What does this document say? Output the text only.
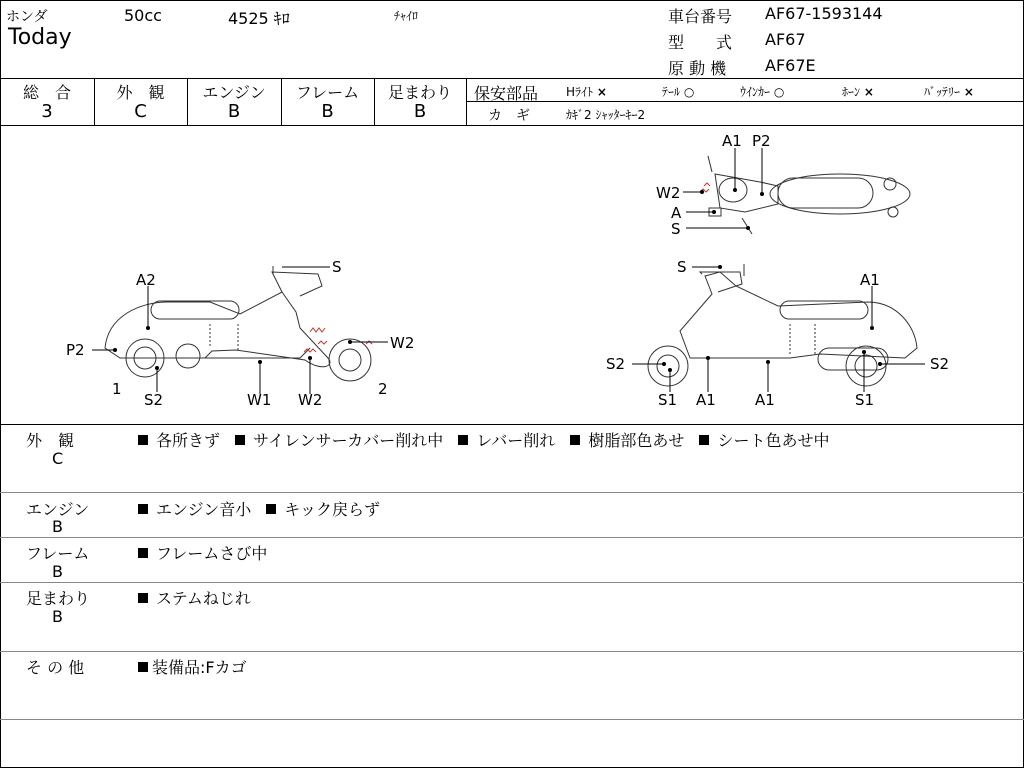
ホンダ	50cc	4525 ｷﾛ	ﾁｬｲﾛ
Today
車台番号 AF67-1593144
型　　式 AF67
原 動 機 AF67E
総　合	外　観	エンジン	フレーム	足まわり
3	C	B	B	B
保安部品 Hﾗｲﾄ ×	ﾃｰﾙ ○	ｳｲﾝｶｰ ○	ﾎｰﾝ ×	ﾊﾞｯﾃﾘｰ ×
カ　ギ	ｶｷﾞ2 ｼｬｯﾀｰｷｰ2
S
A2
P2	W2
1
S2	W1 W2
2
A1 P2
W2
A
S
S
A1
S2	S2
S1 A1	A1	S1
外　観
C
各所きず サイレンサーカバー削れ中 レバー削れ 樹脂部色あせ シート色あせ中
エンジン
B
エンジン音小 キック戻らず
フレーム
B
フレームさび中
足まわり
B
ステムねじれ
そ の 他	装備品:Fカゴ
